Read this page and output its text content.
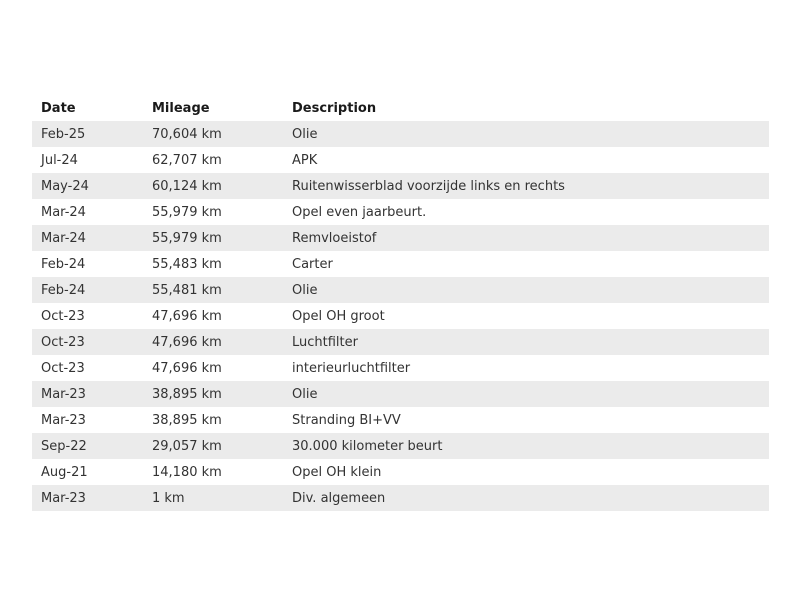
Date	Mileage	Description
Feb-25	70,604 km	Olie
Jul-24	62,707 km	APK
May-24	60,124 km	Ruitenwisserblad voorzijde links en rechts
Mar-24	55,979 km	Opel even jaarbeurt.
Mar-24	55,979 km	Remvloeistof
Feb-24	55,483 km	Carter
Feb-24	55,481 km	Olie
Oct-23	47,696 km	Opel OH groot
Oct-23	47,696 km	Luchtfilter
Oct-23	47,696 km	interieurluchtfilter
Mar-23	38,895 km	Olie
Mar-23	38,895 km	Stranding BI+VV
Sep-22	29,057 km	30.000 kilometer beurt
Aug-21	14,180 km	Opel OH klein
Mar-23	1 km	Div. algemeen
